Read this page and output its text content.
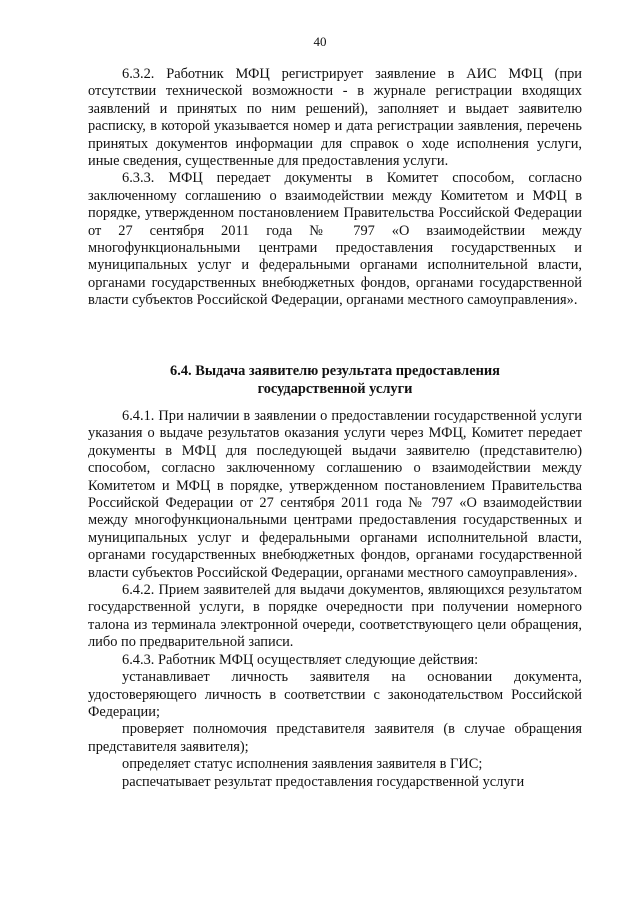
40

6.3.2. Работник МФЦ регистрирует заявление в АИС МФЦ (при отсутствии технической возможности - в журнале регистрации входящих заявлений и принятых по ним решений), заполняет и выдает заявителю расписку, в которой указывается номер и дата регистрации заявления, перечень принятых документов информации для справок о ходе исполнения услуги, иные сведения, существенные для предоставления услуги.

6.3.3. МФЦ передает документы в Комитет способом, согласно заключенному соглашению о взаимодействии между Комитетом и МФЦ в порядке, утвержденном постановлением Правительства Российской Федерации от 27 сентября 2011 года № 797 «О взаимодействии между многофункциональными центрами предоставления государственных и муниципальных услуг и федеральными органами исполнительной власти, органами государственных внебюджетных фондов, органами государственной власти субъектов Российской Федерации, органами местного самоуправления».

6.4. Выдача заявителю результата предоставления
государственной услуги

6.4.1. При наличии в заявлении о предоставлении государственной услуги указания о выдаче результатов оказания услуги через МФЦ, Комитет передает документы в МФЦ для последующей выдачи заявителю (представителю) способом, согласно заключенному соглашению о взаимодействии между Комитетом и МФЦ в порядке, утвержденном постановлением Правительства Российской Федерации от 27 сентября 2011 года № 797 «О взаимодействии между многофункциональными центрами предоставления государственных и муниципальных услуг и федеральными органами исполнительной власти, органами государственных внебюджетных фондов, органами государственной власти субъектов Российской Федерации, органами местного самоуправления».

6.4.2. Прием заявителей для выдачи документов, являющихся результатом государственной услуги, в порядке очередности при получении номерного талона из терминала электронной очереди, соответствующего цели обращения, либо по предварительной записи.

6.4.3. Работник МФЦ осуществляет следующие действия:

устанавливает личность заявителя на основании документа, удостоверяющего личность в соответствии с законодательством Российской Федерации;

проверяет полномочия представителя заявителя (в случае обращения представителя заявителя);

определяет статус исполнения заявления заявителя в ГИС;

распечатывает результат предоставления государственной услуги
